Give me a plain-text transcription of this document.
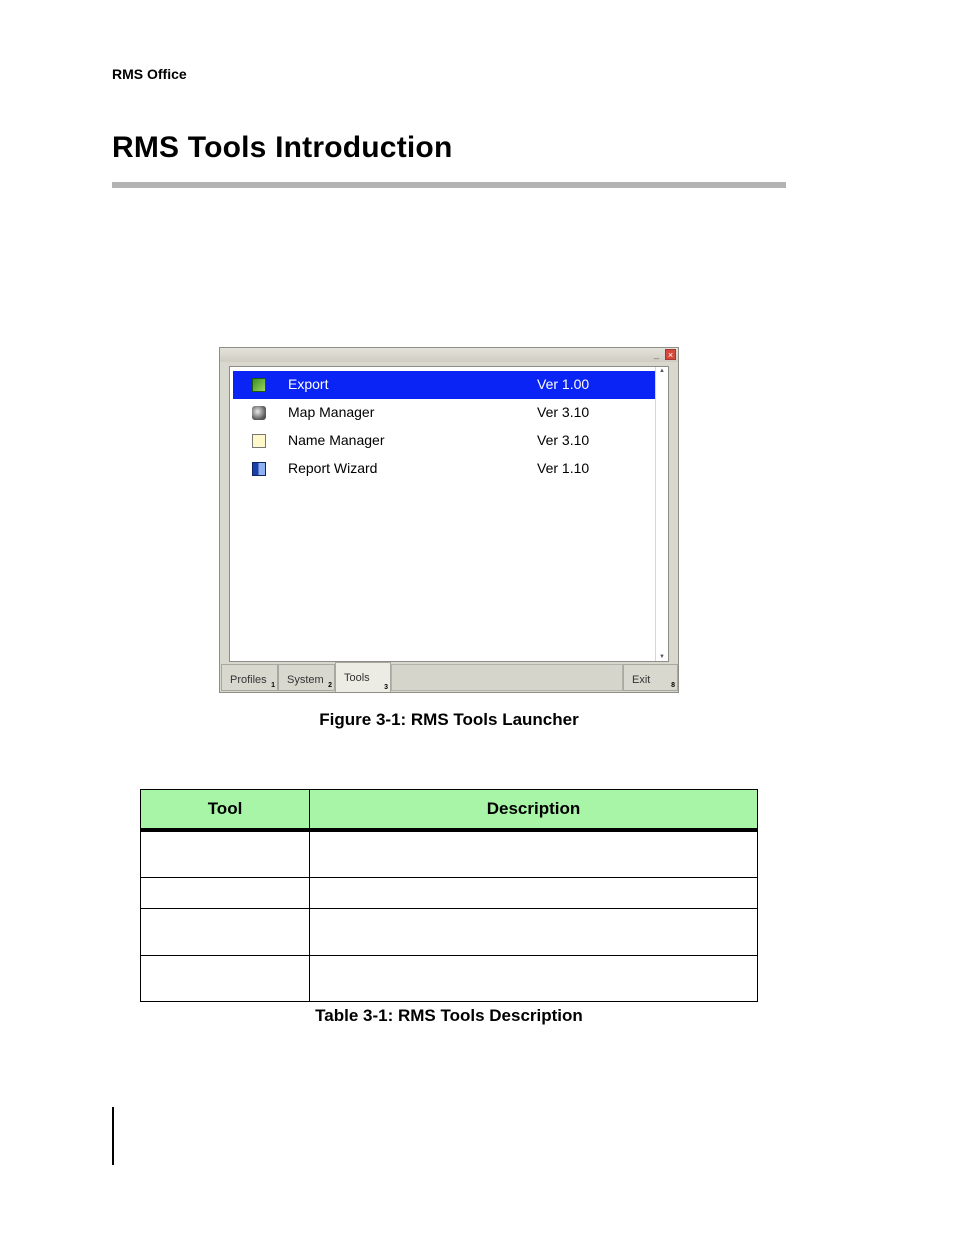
RMS Office
RMS Tools Introduction
_ ×
Export	Ver 1.00
Map Manager	Ver 3.10
Name Manager	Ver 3.10
Report Wizard	Ver 1.10
▲
▼
Profiles 1 System 2
Tools
3
Exit	8
Figure 3-1: RMS Tools Launcher
Tool	Description

Table 3-1: RMS Tools Description
